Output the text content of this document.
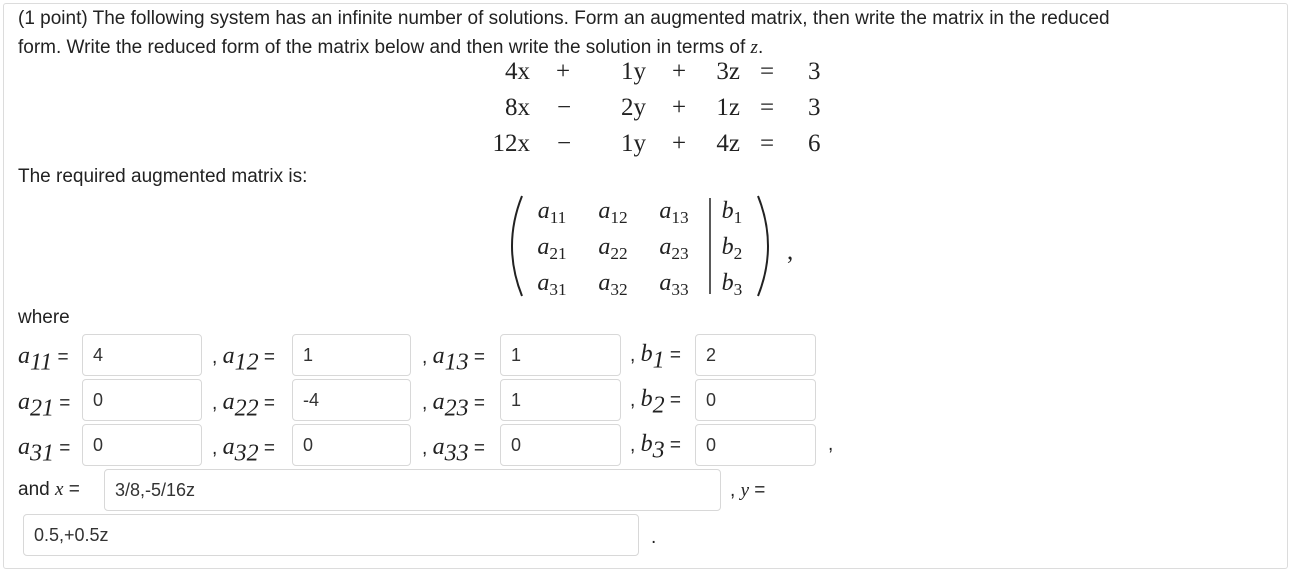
(1 point) The following system has an infinite number of solutions. Form an augmented matrix, then write the matrix in the reduced
form. Write the reduced form of the matrix below and then write the solution in terms of z.
4x +	1y +	3z = 3
8x −	2y +	1z = 3
12x −	1y +	4z = 6
The required augmented matrix is:
$a_{11}$	$a_{12}$	$a_{13}$	$b_1$
$a_{21}$	$a_{22}$	$a_{23}$	$b_2$
$a_{31}$	$a_{32}$	$a_{33}$	$b_3$
,
where
a11 =	4	, a12 =	1	, a13 =	1	, b1 =	2
a21 =	0	, a22 =	-4	, a23 =	1	, b2 =	0
a31 =	0	, a32 =	0	, a33 =	0	, b3 =	0	,
and x =	3/8,-5/16z	, y =
0.5,+0.5z	.
